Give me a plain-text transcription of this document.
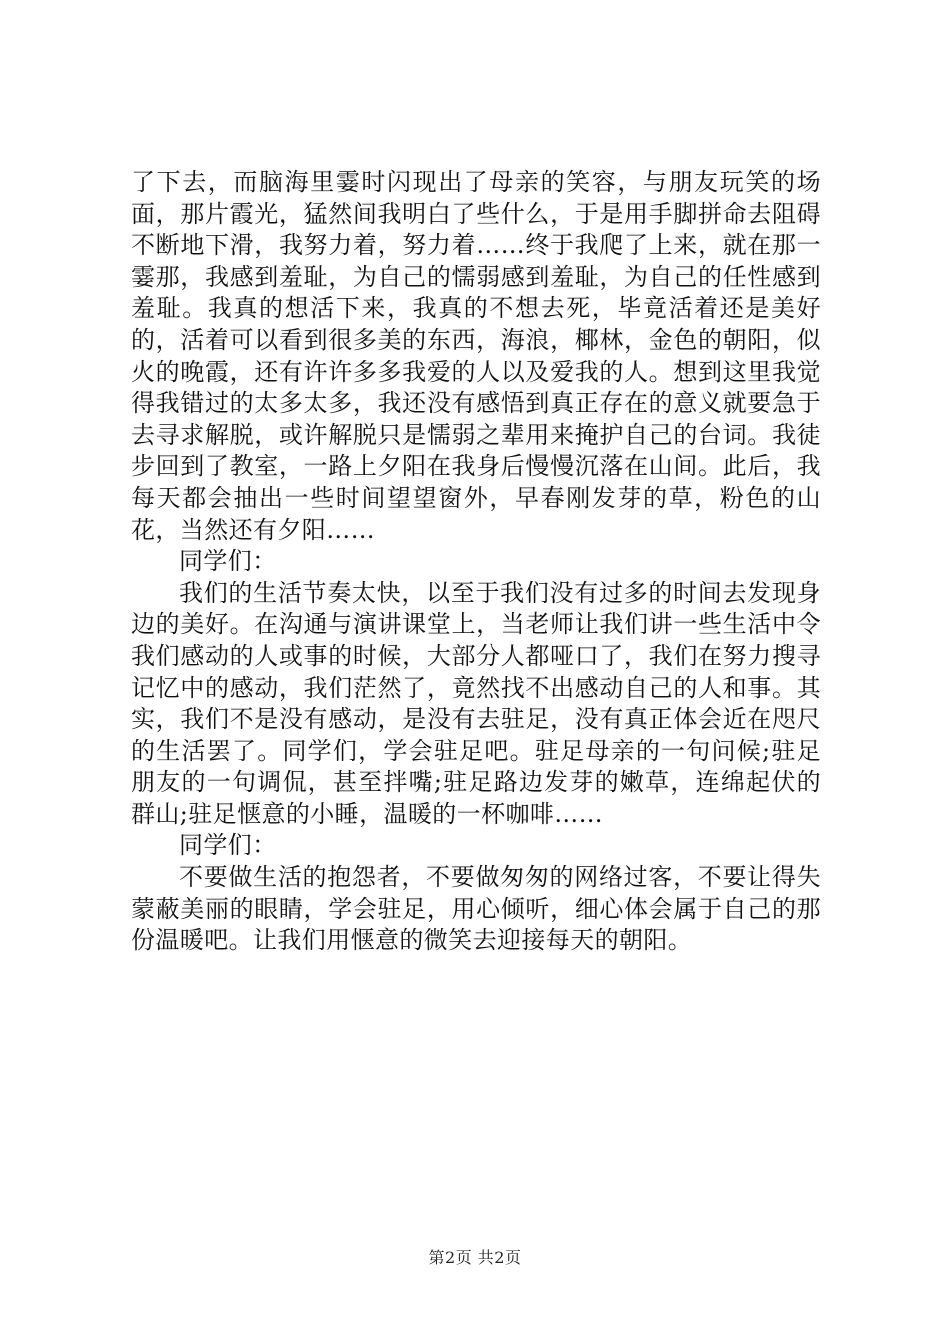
了下去，而脑海里霎时闪现出了母亲的笑容，与朋友玩笑的场面，那片霞光，猛然间我明白了些什么，于是用手脚拼命去阻碍不断地下滑，我努力着，努力着……终于我爬了上来，就在那一霎那，我感到羞耻，为自己的懦弱感到羞耻，为自己的任性感到羞耻。我真的想活下来，我真的不想去死，毕竟活着还是美好的，活着可以看到很多美的东西，海浪，椰林，金色的朝阳，似火的晚霞，还有许许多多我爱的人以及爱我的人。想到这里我觉得我错过的太多太多，我还没有感悟到真正存在的意义就要急于去寻求解脱，或许解脱只是懦弱之辈用来掩护自己的台词。我徒步回到了教室，一路上夕阳在我身后慢慢沉落在山间。此后，我每天都会抽出一些时间望望窗外，早春刚发芽的草，粉色的山花，当然还有夕阳……

同学们：

我们的生活节奏太快，以至于我们没有过多的时间去发现身边的美好。在沟通与演讲课堂上，当老师让我们讲一些生活中令我们感动的人或事的时候，大部分人都哑口了，我们在努力搜寻记忆中的感动，我们茫然了，竟然找不出感动自己的人和事。其实，我们不是没有感动，是没有去驻足，没有真正体会近在咫尺的生活罢了。同学们，学会驻足吧。驻足母亲的一句问候;驻足朋友的一句调侃，甚至拌嘴;驻足路边发芽的嫩草，连绵起伏的群山;驻足惬意的小睡，温暖的一杯咖啡……

同学们：

不要做生活的抱怨者，不要做匆匆的网络过客，不要让得失蒙蔽美丽的眼睛，学会驻足，用心倾听，细心体会属于自己的那份温暖吧。让我们用惬意的微笑去迎接每天的朝阳。

第2页 共2页
